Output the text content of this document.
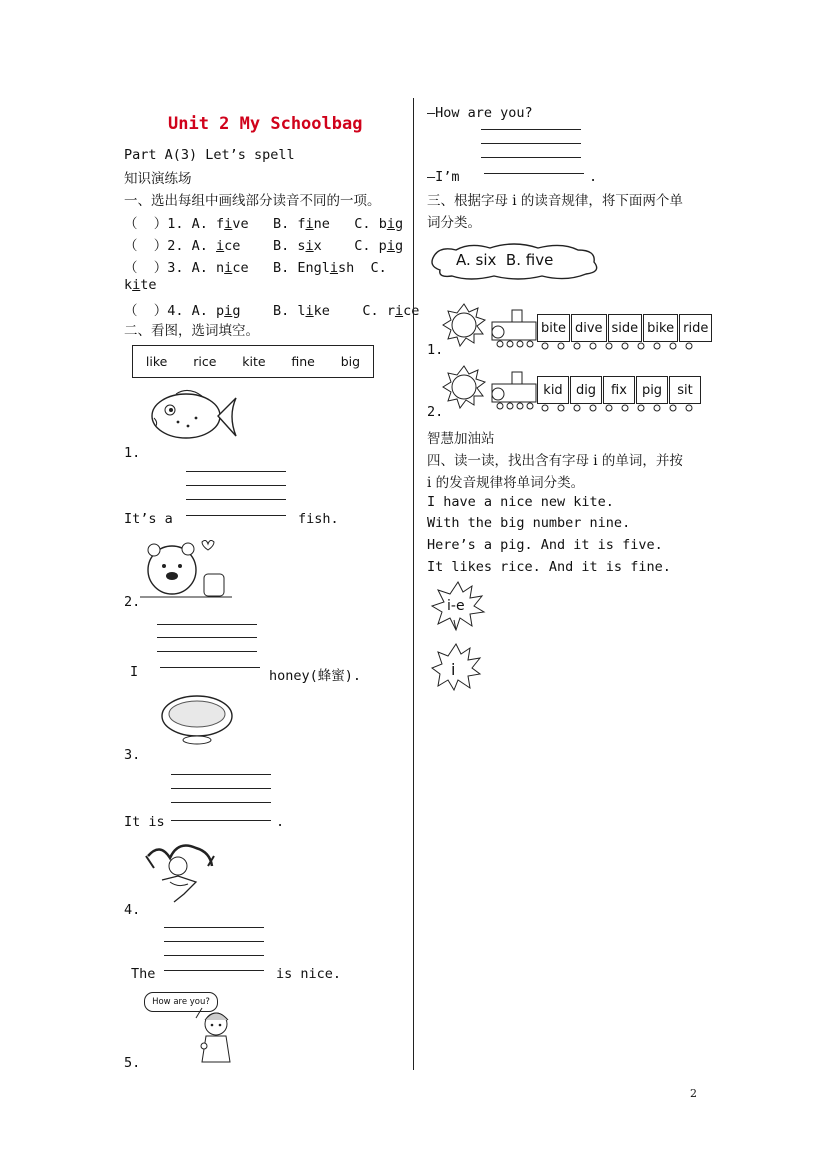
Unit 2 My Schoolbag
Part A(3) Let’s spell
知识演练场
一、选出每组中画线部分读音不同的一项。
（  ）1. A. five B. fine C. big
（  ）2. A. ice B. six C. pig
（  ）3. A. nice B. English C.
kite
（  ）4. A. pig B. like C. rice
二、看图，选词填空。
like rice kite fine big
1.
It’s a	fish.
2.
I	honey(蜂蜜).
3.
It is	.
4.
The	is nice.
How are you?
5.
—How are you?
—I’m	.
三、根据字母 i 的读音规律，将下面两个单
词分类。
A. six  B. five
bite dive side bike ride
1.
kid	dig	fix	pig	sit
2.
智慧加油站
四、读一读，找出含有字母 i 的单词，并按
i 的发音规律将单词分类。
I have a nice new kite.
With the big number nine.
Here’s a pig. And it is five.
It likes rice. And it is fine.
i-e
i
2
